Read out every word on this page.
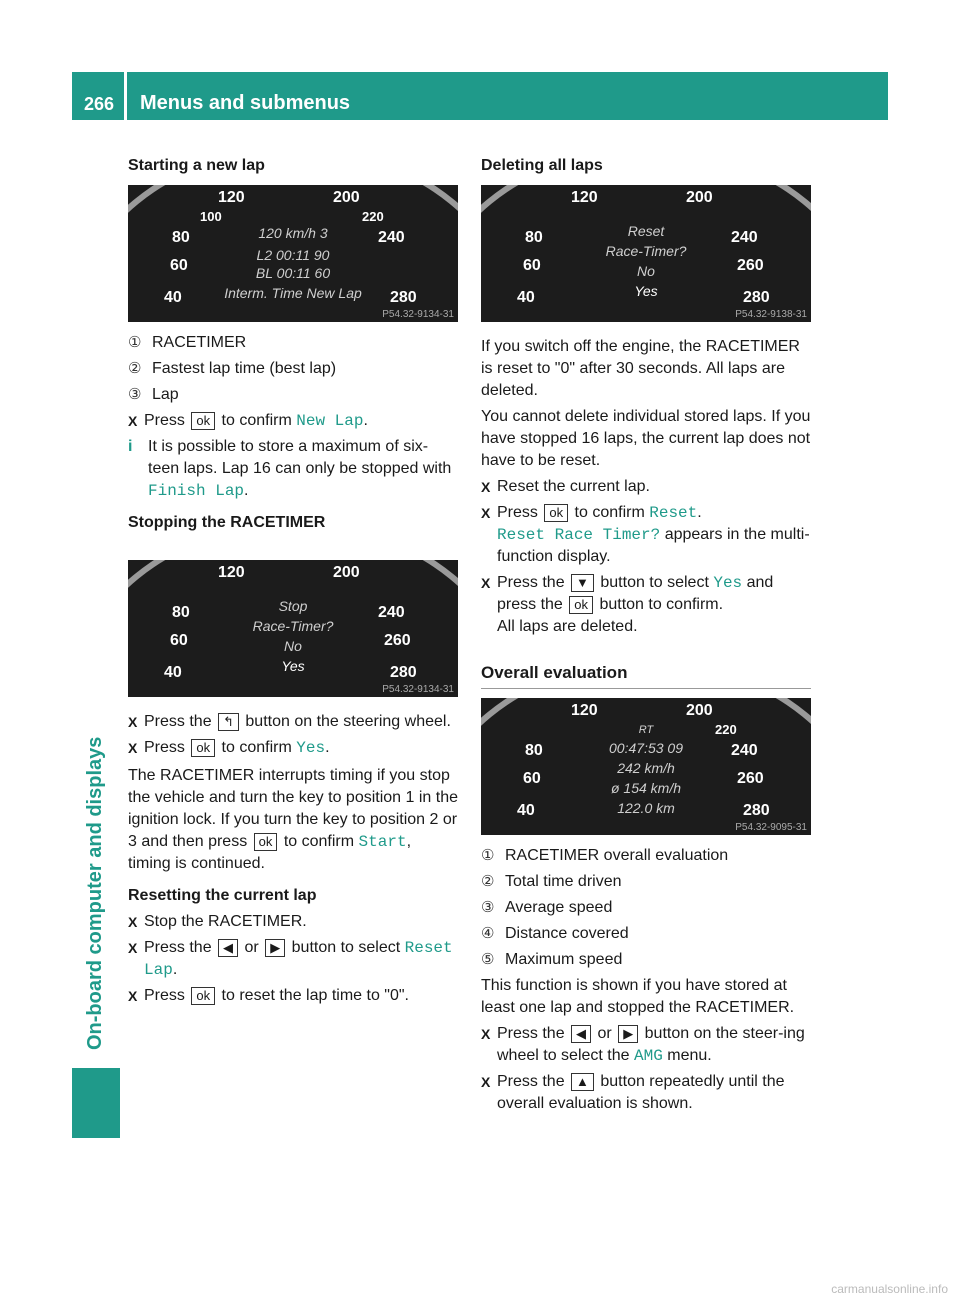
266 Menus and submenus
On-board computer and displays

Starting a new lap

120	200
100	220
80	240
60
40	280
120 km/h 3
L2 00:11 90
BL 00:11 60
Interm. Time New Lap
P54.32-9134-31
① RACETIMER
② Fastest lap time (best lap)
③ Lap
X Press ok to confirm New Lap.
i It is possible to store a maximum of six-teen laps. Lap 16 can only be stopped with Finish Lap.

Stopping the RACETIMER

120	200
80	240
60	260
40	280
Stop
Race-Timer?
No
Yes
P54.32-9134-31
X Press the ↰ button on the steering wheel.
X Press ok to confirm Yes.

The RACETIMER interrupts timing if you stop the vehicle and turn the key to position 1 in the ignition lock. If you turn the key to position 2 or 3 and then press ok to confirm Start, timing is continued.

Resetting the current lap

X Stop the RACETIMER.
X Press the ◀ or ▶ button to select Reset Lap.
X Press ok to reset the lap time to "0".

Deleting all laps

120	200
80	240
60	260
40	280
Reset
Race-Timer?
No
Yes
P54.32-9138-31

If you switch off the engine, the RACETIMER is reset to "0" after 30 seconds. All laps are deleted.

You cannot delete individual stored laps. If you have stopped 16 laps, the current lap does not have to be reset.

X Reset the current lap.
X Press ok to confirm Reset.
Reset Race Timer? appears in the multi-function display.
X Press the ▼ button to select Yes and press the ok button to confirm.
All laps are deleted.
Overall evaluation
120	200
220
80	240
60	260
40	280
RT
00:47:53 09
242 km/h
ø 154 km/h
122.0 km
P54.32-9095-31
① RACETIMER overall evaluation
② Total time driven
③ Average speed
④ Distance covered
⑤ Maximum speed

This function is shown if you have stored at least one lap and stopped the RACETIMER.

X Press the ◀ or ▶ button on the steer-ing wheel to select the AMG menu.
X Press the ▲ button repeatedly until the overall evaluation is shown.
carmanualsonline.info
